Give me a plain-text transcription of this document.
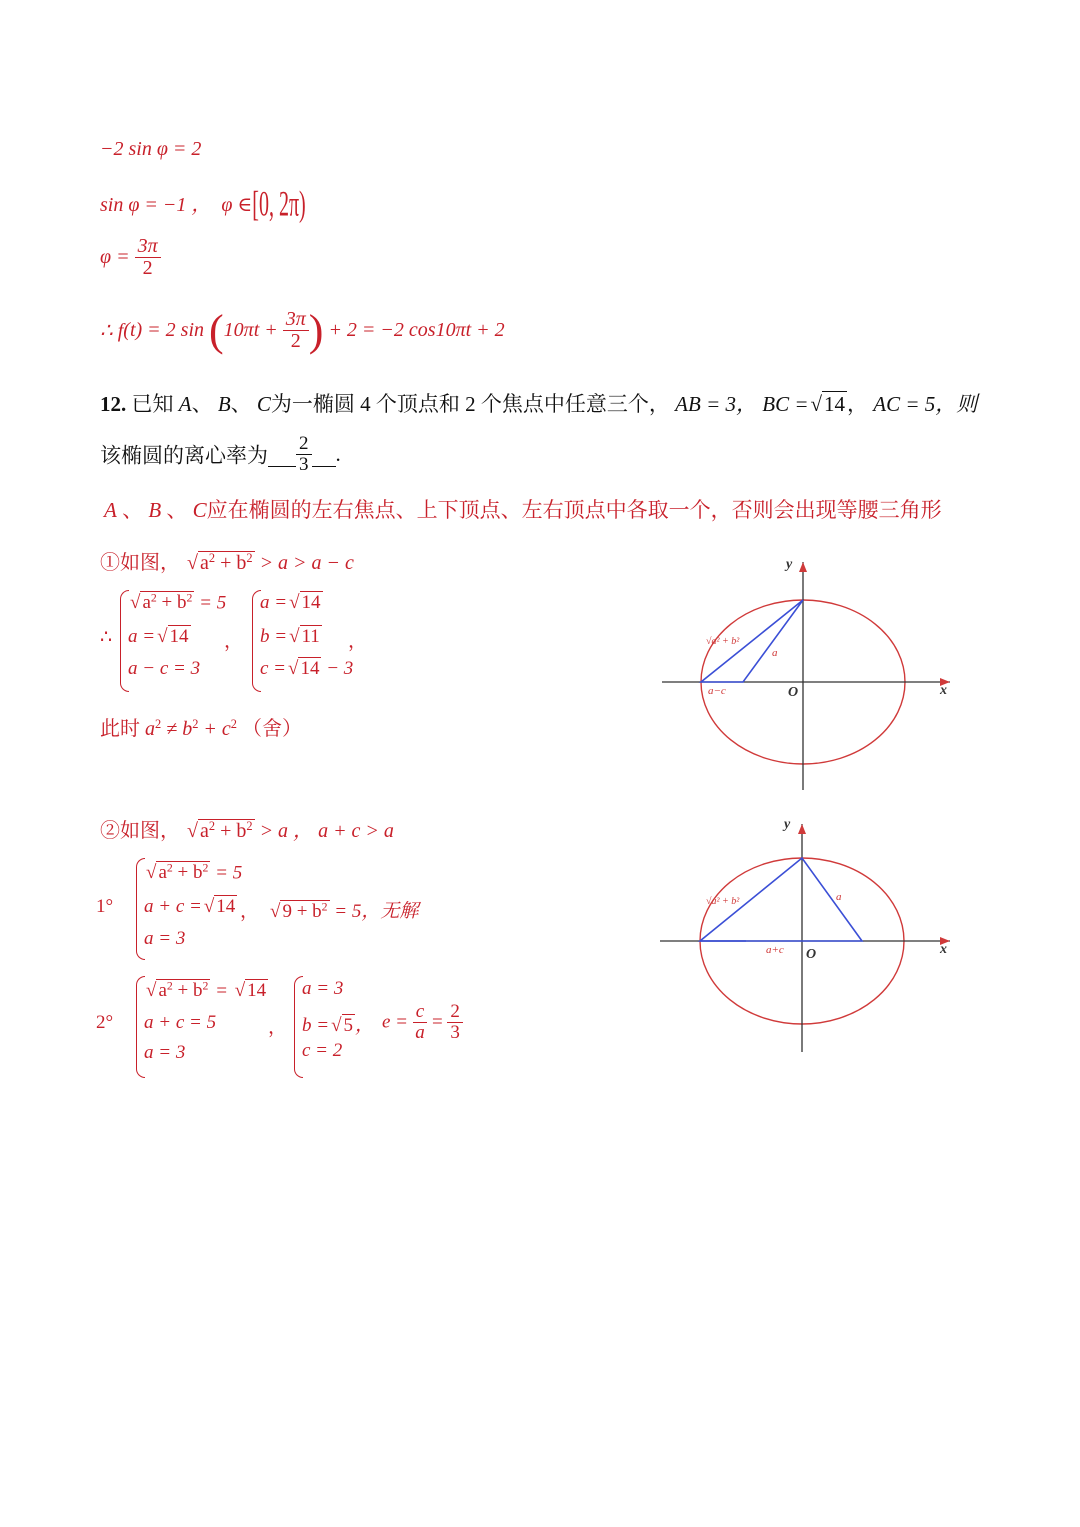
−2 sin φ = 2
sin φ = −1 ， φ ∈[0, 2π)
$\varphi = \frac{3\pi}{2}$
∴ f(t) = 2 $\sin (10\pi t + \frac{3\pi}{2}$ ) + 2 = −2 cos10πt + 2
12. 已知 A、 B、 C为一椭圆 4 个顶点和 2 个焦点中任意三个， AB = 3， BC = √ 14， AC = 5，则
该椭圆的离心率为 $\frac{2}{3}$ .
A 、 B 、 C应在椭圆的左右焦点、上下顶点、左右顶点中各取一个，否则会出现等腰三角形
①如图， √ $a^2 + b^2 > a > a - c$
∴
√ $a^2 + b^2 = 5$
a = √ 14
a − c = 3
，
a = √ 14
b = √ 11
c = √ 14 − 3
，
此时 $a^2 \ne b^2 + c^2$ （舍）
②如图， √ $a^2 + b^2 > a$ ， a + c > a
1°
√ $a^2 + b^2 = 5$
a + c = √ 14
a = 3
，	√ $9 + b^2 = 5$，无解
2°
√ $a^2 + b^2$ = √ 14
a + c = 5
a = 3
，
a = 3
b = √ 5 ，
c = 2
$e = \frac{c}{a} = \frac{2}{3}$
y
x
O
√a² + b²
a
a−c
y
x
O
√a² + b²	a
a+c
